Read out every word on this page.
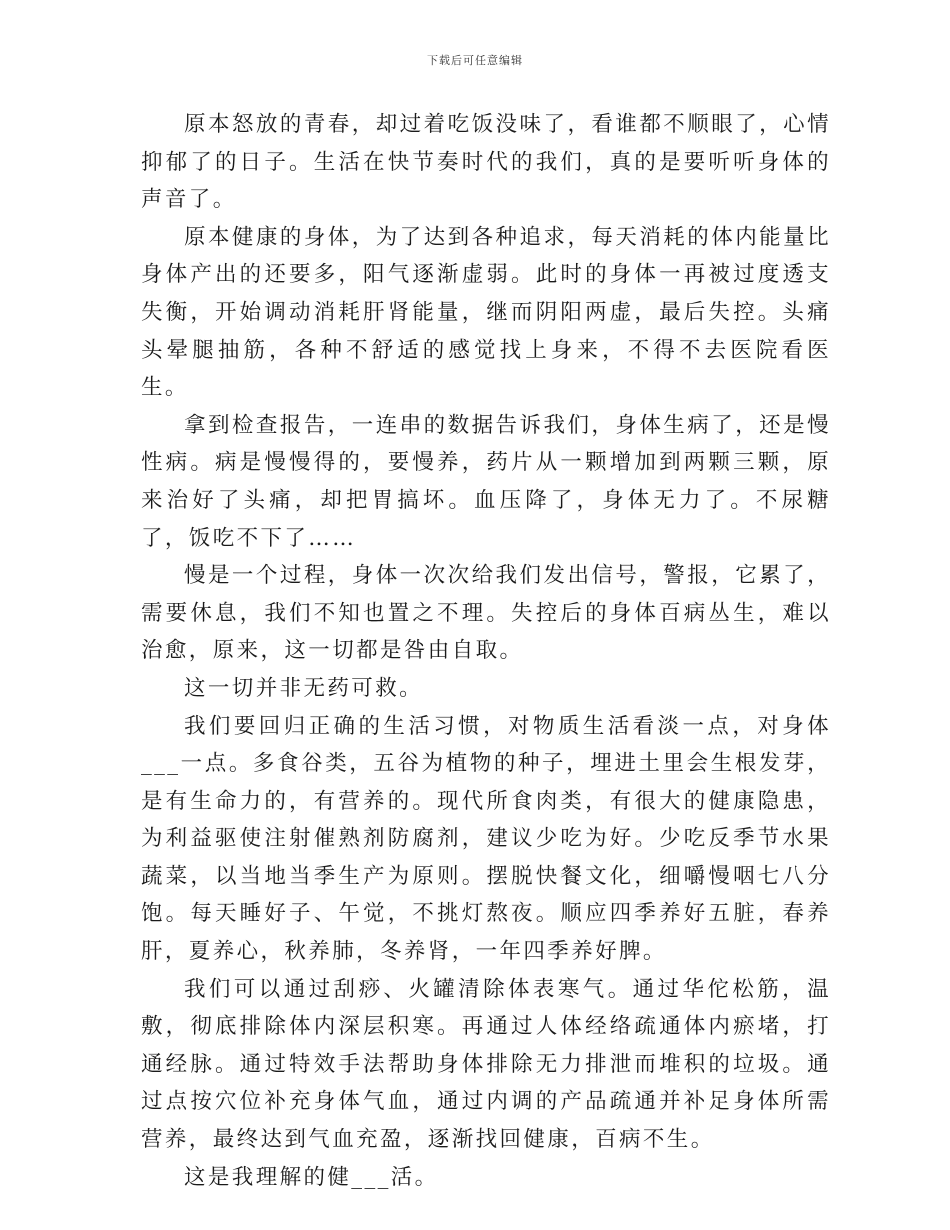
下载后可任意编辑

原本怒放的青春，却过着吃饭没味了，看谁都不顺眼了，心情抑郁了的日子。生活在快节奏时代的我们，真的是要听听身体的声音了。

原本健康的身体，为了达到各种追求，每天消耗的体内能量比身体产出的还要多，阳气逐渐虚弱。此时的身体一再被过度透支失衡，开始调动消耗肝肾能量，继而阴阳两虚，最后失控。头痛头晕腿抽筋，各种不舒适的感觉找上身来，不得不去医院看医生。

拿到检查报告，一连串的数据告诉我们，身体生病了，还是慢性病。病是慢慢得的，要慢养，药片从一颗增加到两颗三颗，原来治好了头痛，却把胃搞坏。血压降了，身体无力了。不尿糖了，饭吃不下了……

慢是一个过程，身体一次次给我们发出信号，警报，它累了，需要休息，我们不知也置之不理。失控后的身体百病丛生，难以治愈，原来，这一切都是咎由自取。

这一切并非无药可救。

我们要回归正确的生活习惯，对物质生活看淡一点，对身体___一点。多食谷类，五谷为植物的种子，埋进土里会生根发芽，是有生命力的，有营养的。现代所食肉类，有很大的健康隐患，为利益驱使注射催熟剂防腐剂，建议少吃为好。少吃反季节水果蔬菜，以当地当季生产为原则。摆脱快餐文化，细嚼慢咽七八分饱。每天睡好子、午觉，不挑灯熬夜。顺应四季养好五脏，春养肝，夏养心，秋养肺，冬养肾，一年四季养好脾。

我们可以通过刮痧、火罐清除体表寒气。通过华佗松筋，温敷，彻底排除体内深层积寒。再通过人体经络疏通体内瘀堵，打通经脉。通过特效手法帮助身体排除无力排泄而堆积的垃圾。通过点按穴位补充身体气血，通过内调的产品疏通并补足身体所需营养，最终达到气血充盈，逐渐找回健康，百病不生。

这是我理解的健___活。
